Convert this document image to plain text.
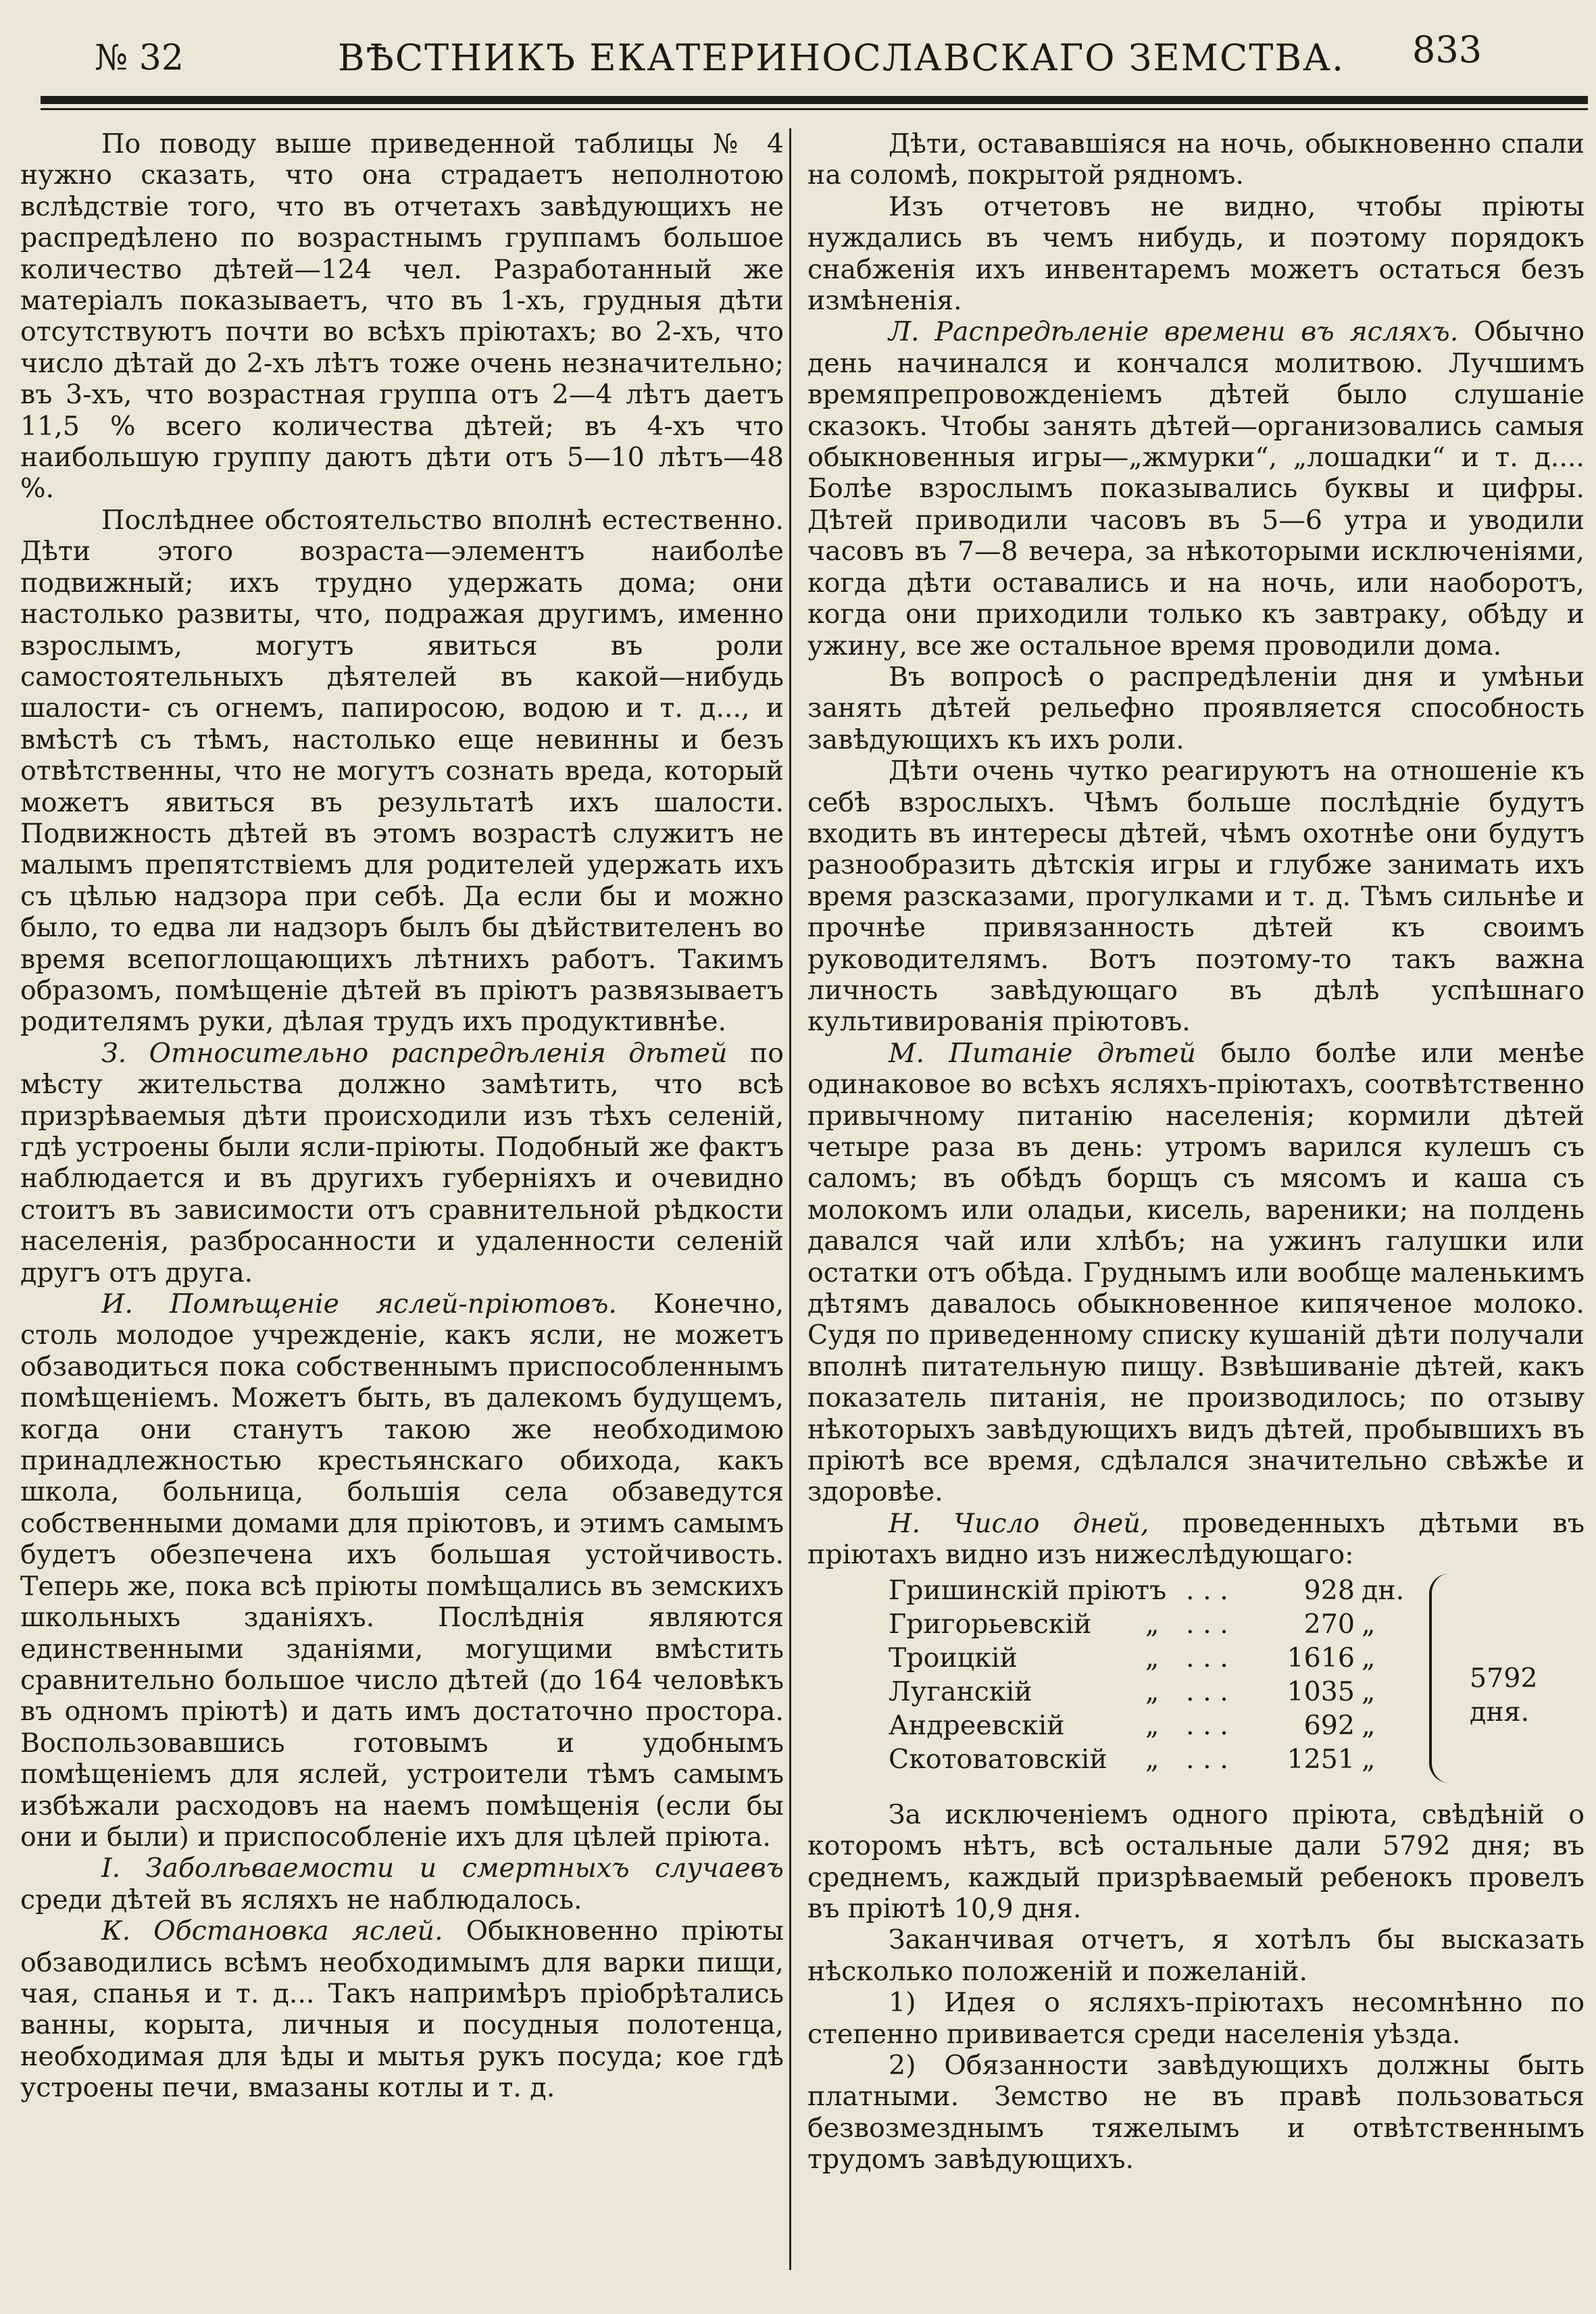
№ 32	ВѢСТНИКЪ ЕКАТЕРИНОСЛАВСКАГО ЗЕМСТВА. 833

По поводу выше приведенной таблицы № 4 нужно сказать, что она страдаетъ неполнотою вслѣдствіе того, что въ отчетахъ завѣдующихъ не распредѣлено по возрастнымъ группамъ большое количество дѣтей—124 чел. Разработанный же матеріалъ показываетъ, что въ 1-хъ, грудныя дѣти отсутствуютъ почти во всѣхъ пріютахъ; во 2-хъ, что число дѣтай до 2-хъ лѣтъ тоже очень незначительно; въ 3-хъ, что возрастная группа отъ 2—4 лѣтъ даетъ 11,5 % всего количества дѣтей; въ 4-хъ что наибольшую группу даютъ дѣти отъ 5—10 лѣтъ—48 %.

Послѣднее обстоятельство вполнѣ естественно. Дѣти этого возраста—элементъ наиболѣе подвижный; ихъ трудно удержать дома; они настолько развиты, что, подражая другимъ, именно взрослымъ, могутъ явиться въ роли самостоятельныхъ дѣятелей въ какой—нибудь шалости- съ огнемъ, папиросою, водою и т. д..., и вмѣстѣ съ тѣмъ, настолько еще невинны и безъ отвѣтственны, что не могутъ сознать вреда, который можетъ явиться въ результатѣ ихъ шалости. Подвижность дѣтей въ этомъ возрастѣ служитъ не малымъ препятствіемъ для родителей удержать ихъ съ цѣлью надзора при себѣ. Да если бы и можно было, то едва ли надзоръ былъ бы дѣйствителенъ во время всепоглощающихъ лѣтнихъ работъ. Такимъ образомъ, помѣщеніе дѣтей въ пріютъ развязываетъ родителямъ руки, дѣлая трудъ ихъ продуктивнѣе.

З. Относительно распредѣленія дѣтей по мѣсту жительства должно замѣтить, что всѣ призрѣваемыя дѣти происходили изъ тѣхъ селеній, гдѣ устроены были ясли-пріюты. Подобный же фактъ наблюдается и въ другихъ губерніяхъ и очевидно стоитъ въ зависимости отъ сравнительной рѣдкости населенія, разбросанности и удаленности селеній другъ отъ друга.

И. Помѣщеніе яслей-пріютовъ. Конечно, столь молодое учрежденіе, какъ ясли, не можетъ обзаводиться пока собственнымъ приспособленнымъ помѣщеніемъ. Можетъ быть, въ далекомъ будущемъ, когда они станутъ такою же необходимою принадлежностью крестьянскаго обихода, какъ школа, больница, большія села обзаведутся собственными домами для пріютовъ, и этимъ самымъ будетъ обезпечена ихъ большая устойчивость. Теперь же, пока всѣ пріюты помѣщались въ земскихъ школьныхъ зданіяхъ. Послѣднія являются единственными зданіями, могущими вмѣстить сравнительно большое число дѣтей (до 164 человѣкъ въ одномъ пріютѣ) и дать имъ достаточно простора. Воспользовавшись готовымъ и удобнымъ помѣщеніемъ для яслей, устроители тѣмъ самымъ избѣжали расходовъ на наемъ помѣщенія (если бы они и были) и приспособленіе ихъ для цѣлей пріюта.

І. Заболѣваемости и смертныхъ случаевъ среди дѣтей въ ясляхъ не наблюдалось.

К. Обстановка яслей. Обыкновенно пріюты обзаводились всѣмъ необходимымъ для варки пищи, чая, спанья и т. д... Такъ напримѣръ пріобрѣтались ванны, корыта, личныя и посудныя полотенца, необходимая для ѣды и мытья рукъ посуда; кое гдѣ устроены печи, вмазаны котлы и т. д.

Дѣти, остававшіяся на ночь, обыкновенно спали на соломѣ, покрытой рядномъ.

Изъ отчетовъ не видно, чтобы пріюты нуждались въ чемъ нибудь, и поэтому порядокъ снабженія ихъ инвентаремъ можетъ остаться безъ измѣненія.

Л. Распредѣленіе времени въ ясляхъ. Обычно день начинался и кончался молитвою. Лучшимъ времяпрепровожденіемъ дѣтей было слушаніе сказокъ. Чтобы занять дѣтей—организовались самыя обыкновенныя игры—„жмурки“, „лошадки“ и т. д.... Болѣе взрослымъ показывались буквы и цифры. Дѣтей приводили часовъ въ 5—6 утра и уводили часовъ въ 7—8 вечера, за нѣкоторыми исключеніями, когда дѣти оставались и на ночь, или наоборотъ, когда они приходили только къ завтраку, обѣду и ужину, все же остальное время проводили дома.

Въ вопросѣ о распредѣленіи дня и умѣньи занять дѣтей рельефно проявляется способность завѣдующихъ къ ихъ роли.

Дѣти очень чутко реагируютъ на отношеніе къ себѣ взрослыхъ. Чѣмъ больше послѣдніе будутъ входить въ интересы дѣтей, чѣмъ охотнѣе они будутъ разнообразить дѣтскія игры и глубже занимать ихъ время разсказами, прогулками и т. д. Тѣмъ сильнѣе и прочнѣе привязанность дѣтей къ своимъ руководителямъ. Вотъ поэтому-то такъ важна личность завѣдующаго въ дѣлѣ успѣшнаго культивированія пріютовъ.

М. Питаніе дѣтей было болѣе или менѣе одинаковое во всѣхъ ясляхъ-пріютахъ, соотвѣтственно привычному питанію населенія; кормили дѣтей четыре раза въ день: утромъ варился кулешъ съ саломъ; въ обѣдъ борщъ съ мясомъ и каша съ молокомъ или оладьи, кисель, вареники; на полдень давался чай или хлѣбъ; на ужинъ галушки или остатки отъ обѣда. Груднымъ или вообще маленькимъ дѣтямъ давалось обыкновенное кипяченое молоко. Судя по приведенному списку кушаній дѣти получали вполнѣ питательную пищу. Взвѣшиваніе дѣтей, какъ показатель питанія, не производилось; по отзыву нѣкоторыхъ завѣдующихъ видъ дѣтей, пробывшихъ въ пріютѣ все время, сдѣлался значительно свѣжѣе и здоровѣе.

Н. Число дней, проведенныхъ дѣтьми въ пріютахъ видно изъ нижеслѣдующаго:

Гришинскій пріютъ . . .	928 дн.
Григорьевскій „ . . .	270 „
Троицкій	„ . . .	1616 „
Луганскій	„ . . .	1035 „
Андреевскій	„ . . .	692 „
Скотоватовскій „ . . .	1251 „
5792 дня.

За исключеніемъ одного пріюта, свѣдѣній о которомъ нѣтъ, всѣ остальные дали 5792 дня; въ среднемъ, каждый призрѣваемый ребенокъ провелъ въ пріютѣ 10,9 дня.

Заканчивая отчетъ, я хотѣлъ бы высказать нѣсколько положеній и пожеланій.

1) Идея о ясляхъ-пріютахъ несомнѣнно по степенно прививается среди населенія уѣзда.

2) Обязанности завѣдующихъ должны быть платными. Земство не въ правѣ пользоваться безвозмезднымъ тяжелымъ и отвѣтственнымъ трудомъ завѣдующихъ.
